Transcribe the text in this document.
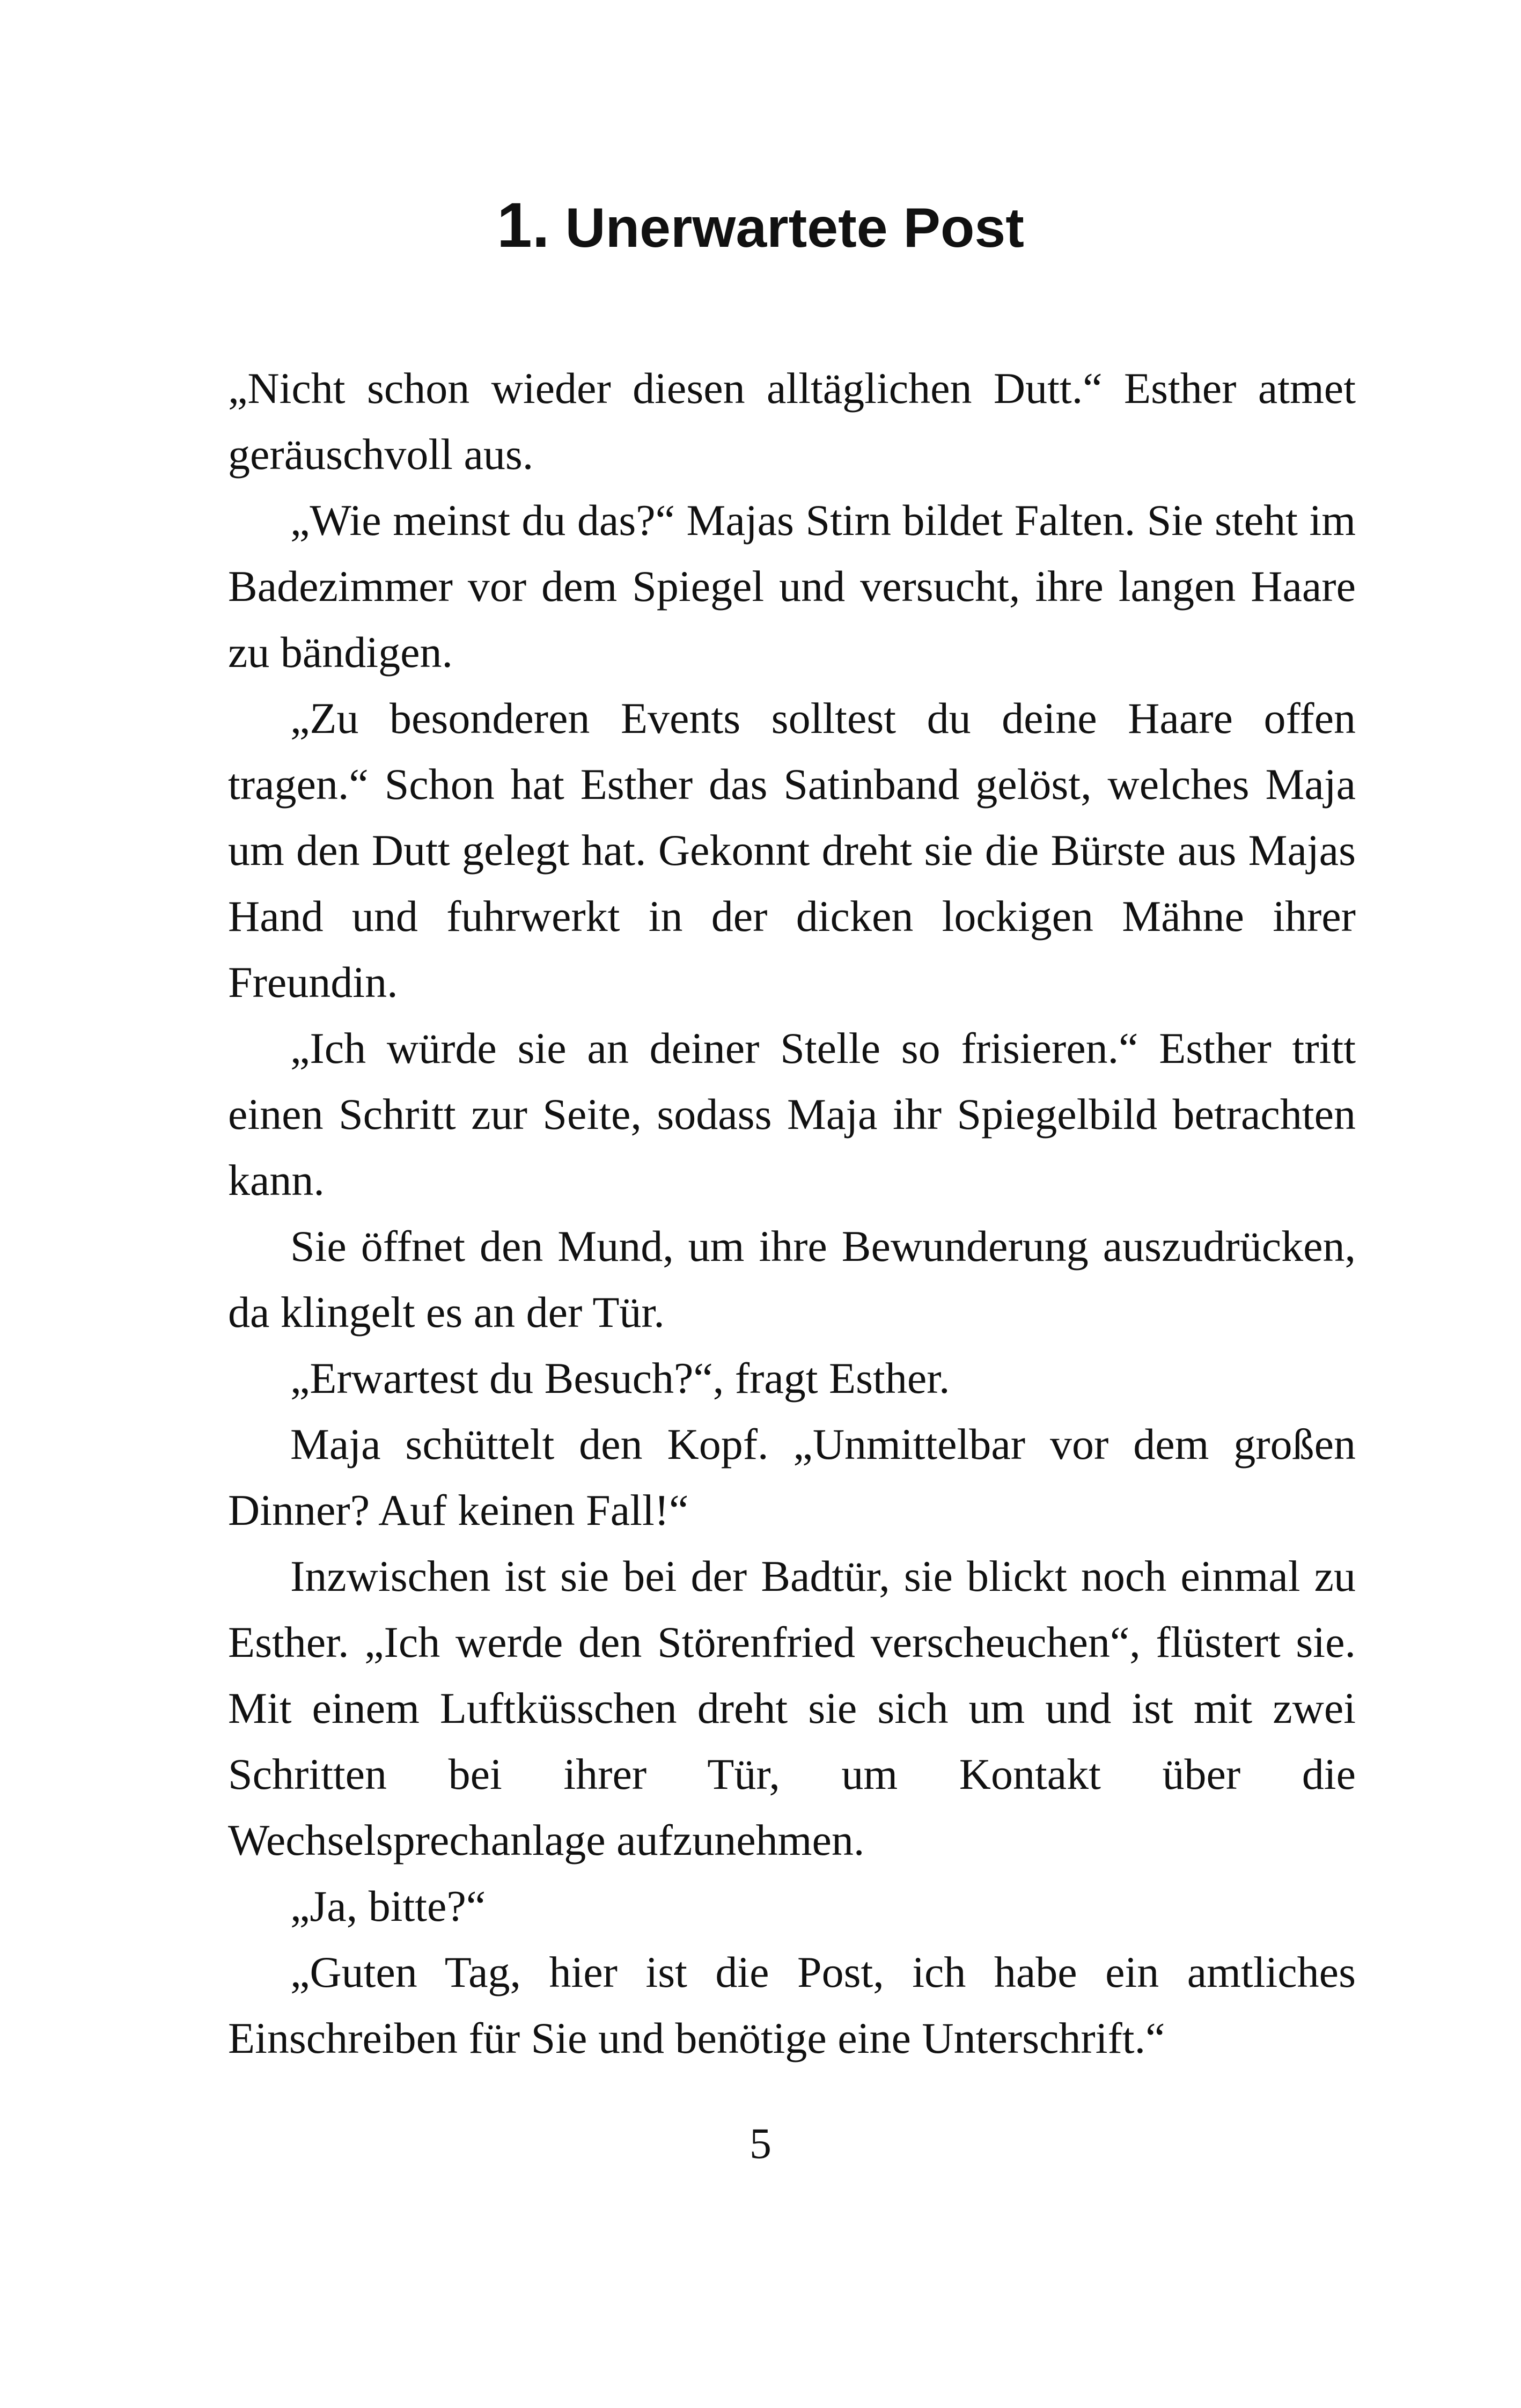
1. Unerwartete Post

„Nicht schon wieder diesen alltäglichen Dutt.“ Esther atmet geräuschvoll aus.

„Wie meinst du das?“ Majas Stirn bildet Falten. Sie steht im Badezimmer vor dem Spiegel und versucht, ihre langen Haare zu bändigen.

„Zu besonderen Events solltest du deine Haare offen tragen.“ Schon hat Esther das Satinband gelöst, welches Maja um den Dutt gelegt hat. Gekonnt dreht sie die Bürste aus Majas Hand und fuhrwerkt in der dicken lockigen Mähne ihrer Freundin.

„Ich würde sie an deiner Stelle so frisieren.“ Esther tritt einen Schritt zur Seite, sodass Maja ihr Spiegelbild betrachten kann.

Sie öffnet den Mund, um ihre Bewunderung auszudrücken, da klingelt es an der Tür.

„Erwartest du Besuch?“, fragt Esther.

Maja schüttelt den Kopf. „Unmittelbar vor dem großen Dinner? Auf keinen Fall!“

Inzwischen ist sie bei der Badtür, sie blickt noch einmal zu Esther. „Ich werde den Störenfried verscheuchen“, flüstert sie. Mit einem Luftküsschen dreht sie sich um und ist mit zwei Schritten bei ihrer Tür, um Kontakt über die Wechselsprechanlage aufzunehmen.

„Ja, bitte?“

„Guten Tag, hier ist die Post, ich habe ein amtliches Einschreiben für Sie und benötige eine Unterschrift.“

5
